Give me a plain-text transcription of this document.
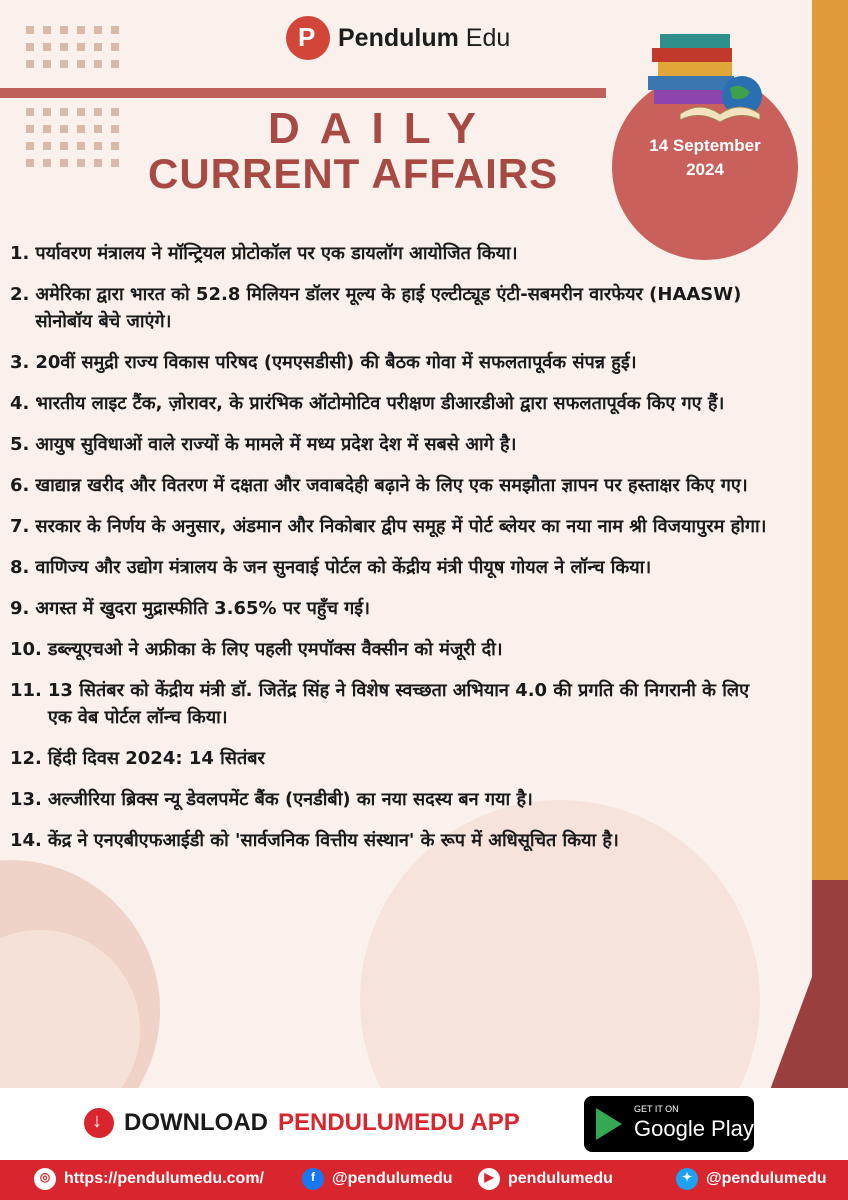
P
Pendulum Edu
DAILY
CURRENT AFFAIRS
14 September
2024
1. पर्यावरण मंत्रालय ने मॉन्ट्रियल प्रोटोकॉल पर एक डायलॉग आयोजित किया।
2. अमेरिका द्वारा भारत को 52.8 मिलियन डॉलर मूल्य के हाई एल्टीट्यूड एंटी-सबमरीन वारफेयर (HAASW) सोनोबॉय बेचे जाएंगे।
3. 20वीं समुद्री राज्य विकास परिषद (एमएसडीसी) की बैठक गोवा में सफलतापूर्वक संपन्न हुई।
4. भारतीय लाइट टैंक, ज़ोरावर, के प्रारंभिक ऑटोमोटिव परीक्षण डीआरडीओ द्वारा सफलतापूर्वक किए गए हैं।
5. आयुष सुविधाओं वाले राज्यों के मामले में मध्य प्रदेश देश में सबसे आगे है।
6. खाद्यान्न खरीद और वितरण में दक्षता और जवाबदेही बढ़ाने के लिए एक समझौता ज्ञापन पर हस्ताक्षर किए गए।
7. सरकार के निर्णय के अनुसार, अंडमान और निकोबार द्वीप समूह में पोर्ट ब्लेयर का नया नाम श्री विजयापुरम होगा।
8. वाणिज्य और उद्योग मंत्रालय के जन सुनवाई पोर्टल को केंद्रीय मंत्री पीयूष गोयल ने लॉन्च किया।
9. अगस्त में खुदरा मुद्रास्फीति 3.65% पर पहुँच गई।
10. डब्ल्यूएचओ ने अफ्रीका के लिए पहली एमपॉक्स वैक्सीन को मंजूरी दी।
11. 13 सितंबर को केंद्रीय मंत्री डॉ. जितेंद्र सिंह ने विशेष स्वच्छता अभियान 4.0 की प्रगति की निगरानी के लिए एक वेब पोर्टल लॉन्च किया।
12. हिंदी दिवस 2024: 14 सितंबर
13. अल्जीरिया ब्रिक्स न्यू डेवलपमेंट बैंक (एनडीबी) का नया सदस्य बन गया है।
14. केंद्र ने एनएबीएफआईडी को 'सार्वजनिक वित्तीय संस्थान' के रूप में अधिसूचित किया है।
↓
DOWNLOAD PENDULUMEDU APP	GET IT ON
Google Play
◎ https://pendulumedu.com/	f	@pendulumedu	▶ pendulumedu	✦ @pendulumedu
